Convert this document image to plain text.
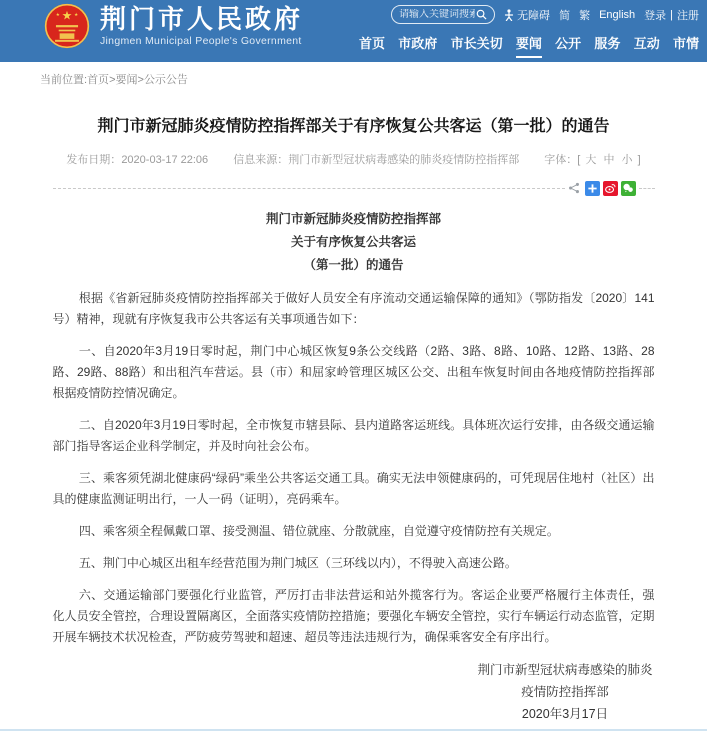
★
★	★ 荆门市人民政府
Jingmen Municipal People's Government
请输入关键词搜索
无障碍 简 繁 English 登录 | 注册
首页 市政府 市长关切 要闻 公开 服务 互动 市情
当前位置:首页>要闻>公示公告
荆门市新冠肺炎疫情防控指挥部关于有序恢复公共客运（第一批）的通告
发布日期：2020-03-17 22:06 信息来源：荆门市新型冠状病毒感染的肺炎疫情防控指挥部 字体：[ 大 中 小 ]
荆门市新冠肺炎疫情防控指挥部
关于有序恢复公共客运
（第一批）的通告

根据《省新冠肺炎疫情防控指挥部关于做好人员安全有序流动交通运输保障的通知》（鄂防指发〔2020〕141号）精神，现就有序恢复我市公共客运有关事项通告如下：

一、自2020年3月19日零时起，荆门中心城区恢复9条公交线路（2路、3路、8路、10路、12路、13路、28路、29路、88路）和出租汽车营运。县（市）和屈家岭管理区城区公交、出租车恢复时间由各地疫情防控指挥部根据疫情防控情况确定。

二、自2020年3月19日零时起，全市恢复市辖县际、县内道路客运班线。具体班次运行安排，由各级交通运输部门指导客运企业科学制定，并及时向社会公布。

三、乘客须凭湖北健康码“绿码”乘坐公共客运交通工具。确实无法申领健康码的，可凭现居住地村（社区）出具的健康监测证明出行，一人一码（证明），亮码乘车。

四、乘客须全程佩戴口罩、接受测温、错位就座、分散就座，自觉遵守疫情防控有关规定。

五、荆门中心城区出租车经营范围为荆门城区（三环线以内），不得驶入高速公路。

六、交通运输部门要强化行业监管，严厉打击非法营运和站外揽客行为。客运企业要严格履行主体责任，强化人员安全管控，合理设置隔离区，全面落实疫情防控措施；要强化车辆安全管控，实行车辆运行动态监管，定期开展车辆技术状况检查，严防疲劳驾驶和超速、超员等违法违规行为，确保乘客安全有序出行。

荆门市新型冠状病毒感染的肺炎
疫情防控指挥部
2020年3月17日
